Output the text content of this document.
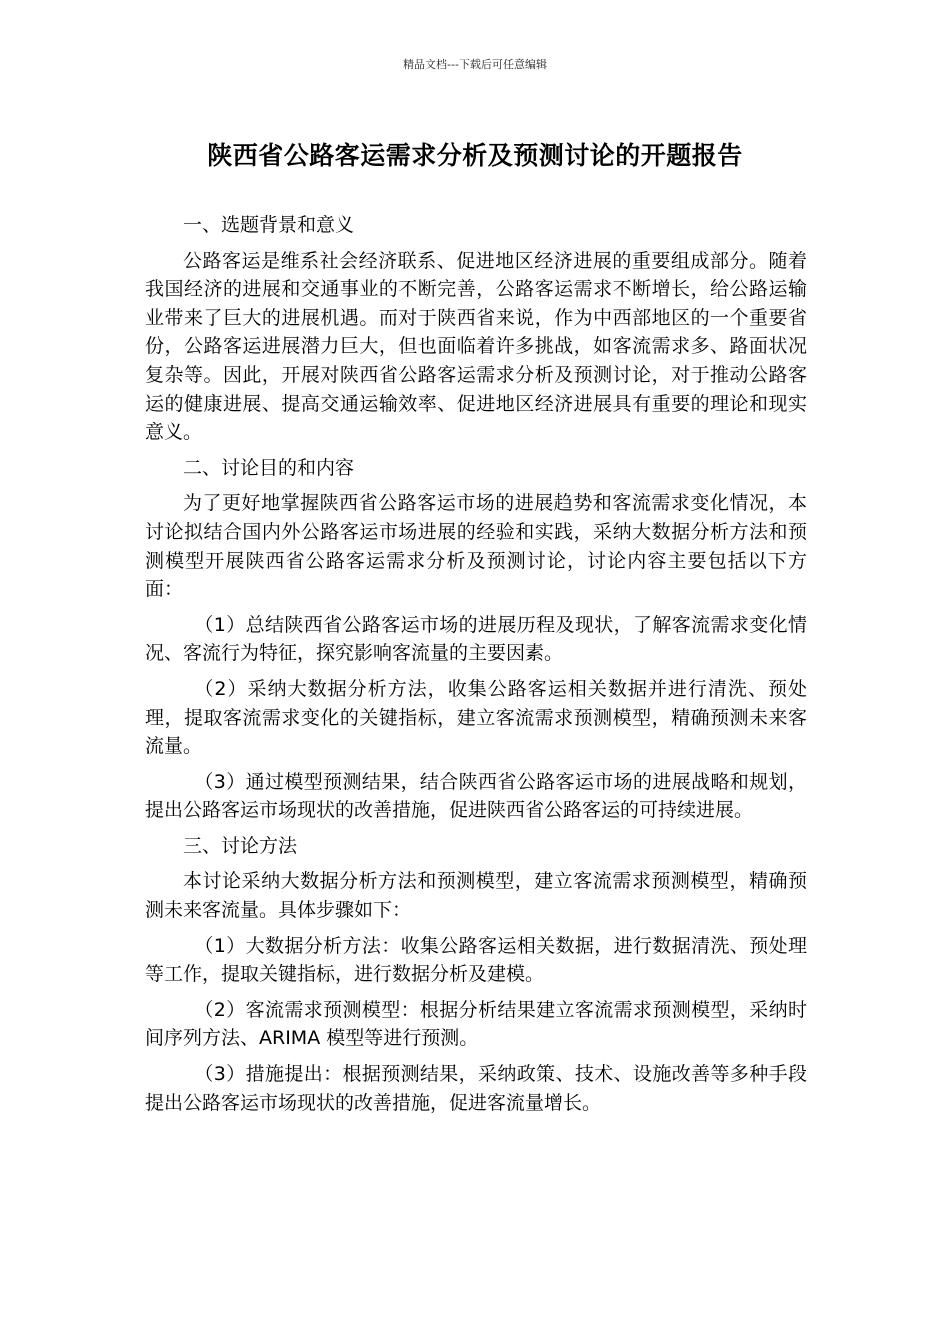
精品文档---下载后可任意编辑
陕西省公路客运需求分析及预测讨论的开题报告

一、选题背景和意义

公路客运是维系社会经济联系、促进地区经济进展的重要组成部分。随着我国经济的进展和交通事业的不断完善，公路客运需求不断增长，给公路运输业带来了巨大的进展机遇。而对于陕西省来说，作为中西部地区的一个重要省份，公路客运进展潜力巨大，但也面临着许多挑战，如客流需求多、路面状况复杂等。因此，开展对陕西省公路客运需求分析及预测讨论，对于推动公路客运的健康进展、提高交通运输效率、促进地区经济进展具有重要的理论和现实意义。

二、讨论目的和内容

为了更好地掌握陕西省公路客运市场的进展趋势和客流需求变化情况，本讨论拟结合国内外公路客运市场进展的经验和实践，采纳大数据分析方法和预测模型开展陕西省公路客运需求分析及预测讨论，讨论内容主要包括以下方面：

（1）总结陕西省公路客运市场的进展历程及现状，了解客流需求变化情况、客流行为特征，探究影响客流量的主要因素。

（2）采纳大数据分析方法，收集公路客运相关数据并进行清洗、预处理，提取客流需求变化的关键指标，建立客流需求预测模型，精确预测未来客流量。

（3）通过模型预测结果，结合陕西省公路客运市场的进展战略和规划，提出公路客运市场现状的改善措施，促进陕西省公路客运的可持续进展。

三、讨论方法

本讨论采纳大数据分析方法和预测模型，建立客流需求预测模型，精确预测未来客流量。具体步骤如下：

（1）大数据分析方法：收集公路客运相关数据，进行数据清洗、预处理等工作，提取关键指标，进行数据分析及建模。

（2）客流需求预测模型：根据分析结果建立客流需求预测模型，采纳时间序列方法、ARIMA 模型等进行预测。

（3）措施提出：根据预测结果，采纳政策、技术、设施改善等多种手段提出公路客运市场现状的改善措施，促进客流量增长。
